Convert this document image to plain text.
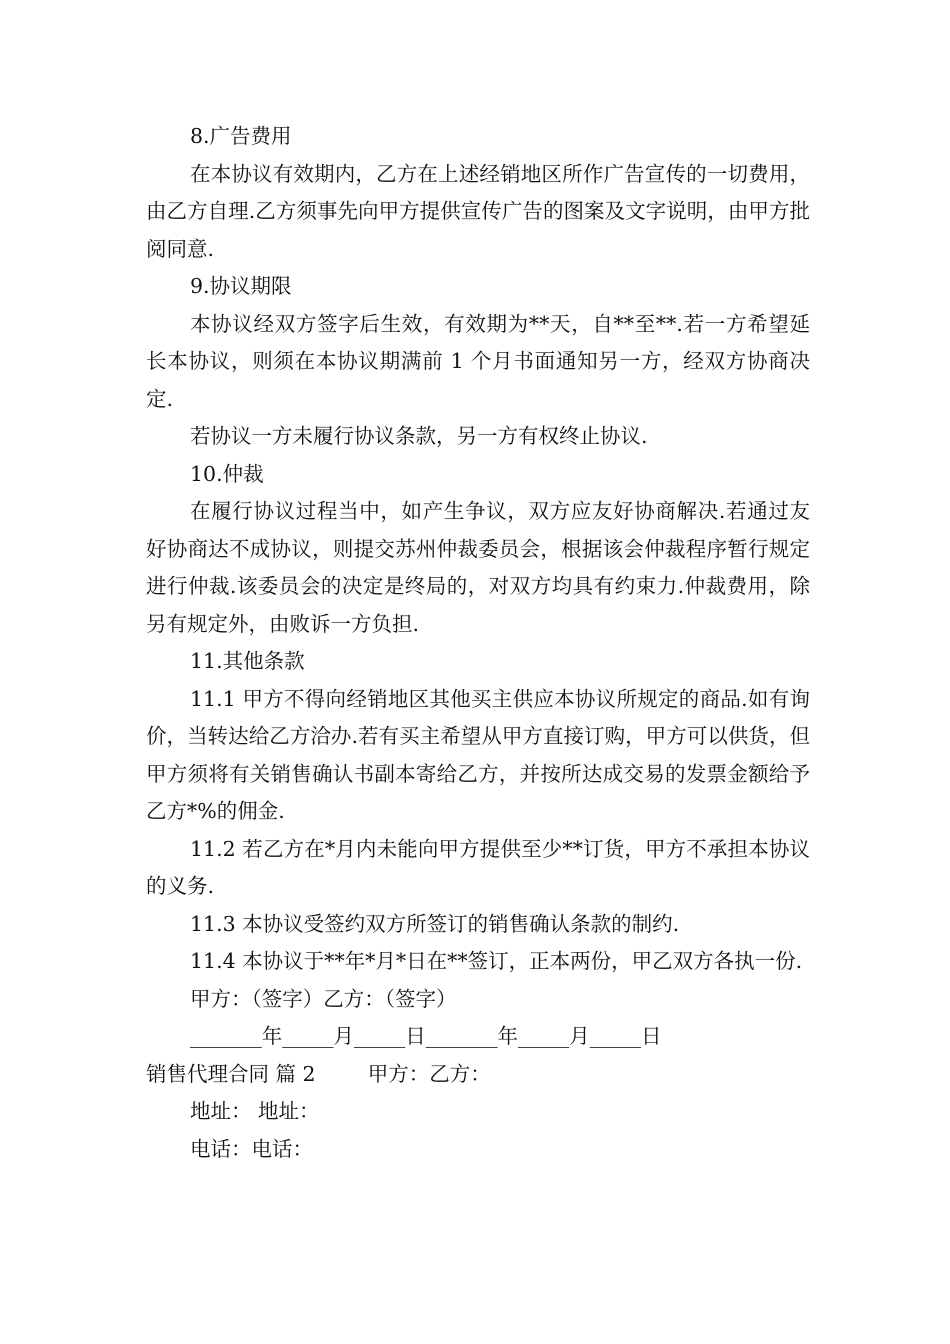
8.广告费用

在本协议有效期内，乙方在上述经销地区所作广告宣传的一切费用，由乙方自理.乙方须事先向甲方提供宣传广告的图案及文字说明，由甲方批阅同意.

9.协议期限

本协议经双方签字后生效，有效期为**天，自**至**.若一方希望延长本协议，则须在本协议期满前 1 个月书面通知另一方，经双方协商决定.

若协议一方未履行协议条款，另一方有权终止协议.

10.仲裁

在履行协议过程当中，如产生争议，双方应友好协商解决.若通过友好协商达不成协议，则提交苏州仲裁委员会，根据该会仲裁程序暂行规定进行仲裁.该委员会的决定是终局的，对双方均具有约束力.仲裁费用，除另有规定外，由败诉一方负担.

11.其他条款

11.1 甲方不得向经销地区其他买主供应本协议所规定的商品.如有询价，当转达给乙方洽办.若有买主希望从甲方直接订购，甲方可以供货，但甲方须将有关销售确认书副本寄给乙方，并按所达成交易的发票金额给予乙方*%的佣金.

11.2 若乙方在*月内未能向甲方提供至少**订货，甲方不承担本协议的义务.

11.3 本协议受签约双方所签订的销售确认条款的制约.

11.4 本协议于**年*月*日在**签订，正本两份，甲乙双方各执一份.

甲方：（签字）乙方：（签字）

_______年_____月_____日_______年_____月_____日

销售代理合同 篇 2        甲方：乙方：

地址： 地址：

电话：电话：
